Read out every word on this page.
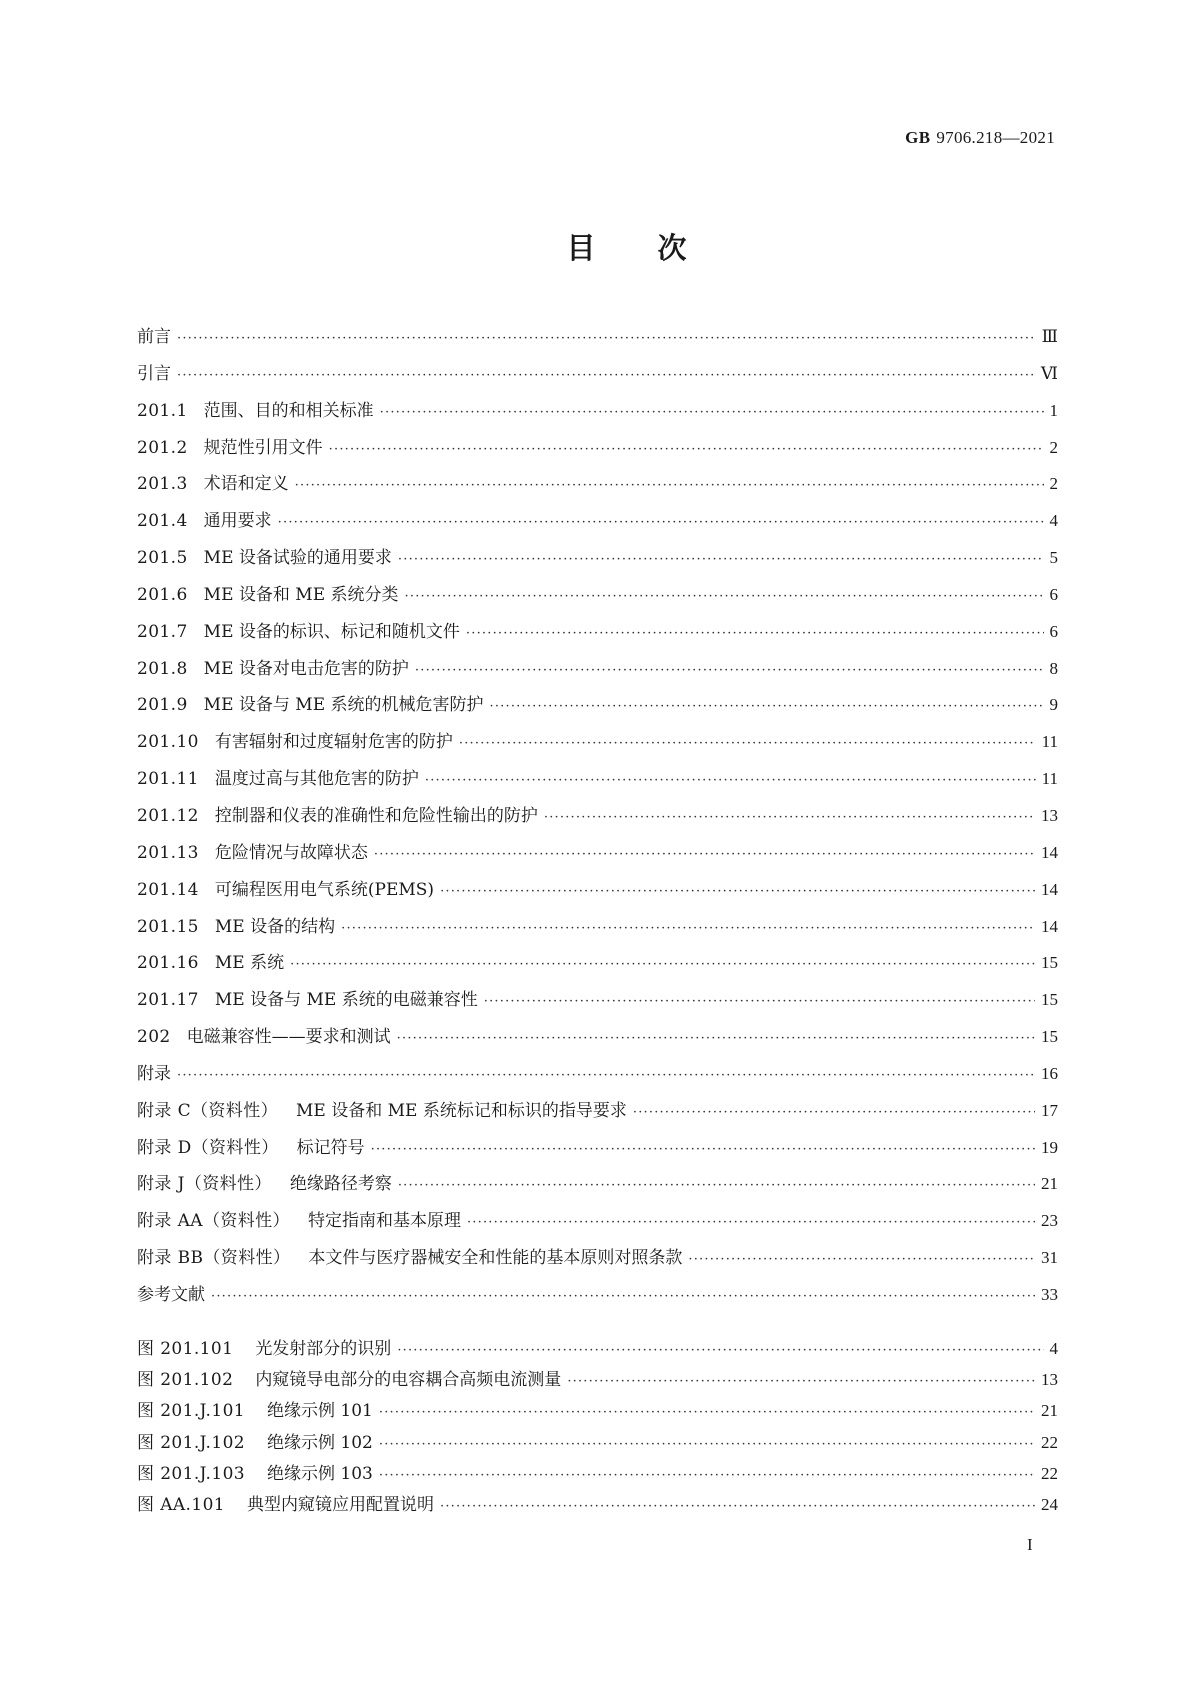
GB 9706.218—2021
目次
前言 ·····	Ⅲ
引言 ·····	Ⅵ
201.1 范围、目的和相关标准 ·····	1
201.2 规范性引用文件 ·····	2
201.3 术语和定义 ·····	2
201.4 通用要求 ·····	4
201.5 ME 设备试验的通用要求 ·····	5
201.6 ME 设备和 ME 系统分类 ·····	6
201.7 ME 设备的标识、标记和随机文件 ·····	6
201.8 ME 设备对电击危害的防护 ·····	8
201.9 ME 设备与 ME 系统的机械危害防护 ·····	9
201.10 有害辐射和过度辐射危害的防护 ·····	11
201.11 温度过高与其他危害的防护 ·····	11
201.12 控制器和仪表的准确性和危险性输出的防护 ·····	13
201.13 危险情况与故障状态 ·····	14
201.14 可编程医用电气系统(PEMS) ·····	14
201.15 ME 设备的结构 ·····	14
201.16 ME 系统 ·····	15
201.17 ME 设备与 ME 系统的电磁兼容性 ·····	15
202 电磁兼容性——要求和测试 ·····	15
附录 ·····	16
附录 C（资料性） ME 设备和 ME 系统标记和标识的指导要求 ·····	17
附录 D（资料性） 标记符号 ·····	19
附录 J（资料性） 绝缘路径考察 ·····	21
附录 AA（资料性） 特定指南和基本原理 ·····	23
附录 BB（资料性） 本文件与医疗器械安全和性能的基本原则对照条款 ·····	31
参考文献 ·····	33
图 201.101 光发射部分的识别 ·····	4
图 201.102 内窥镜导电部分的电容耦合高频电流测量 ·····	13
图 201.J.101 绝缘示例 101 ·····	21
图 201.J.102 绝缘示例 102 ·····	22
图 201.J.103 绝缘示例 103 ·····	22
图 AA.101 典型内窥镜应用配置说明 ·····	24
I
